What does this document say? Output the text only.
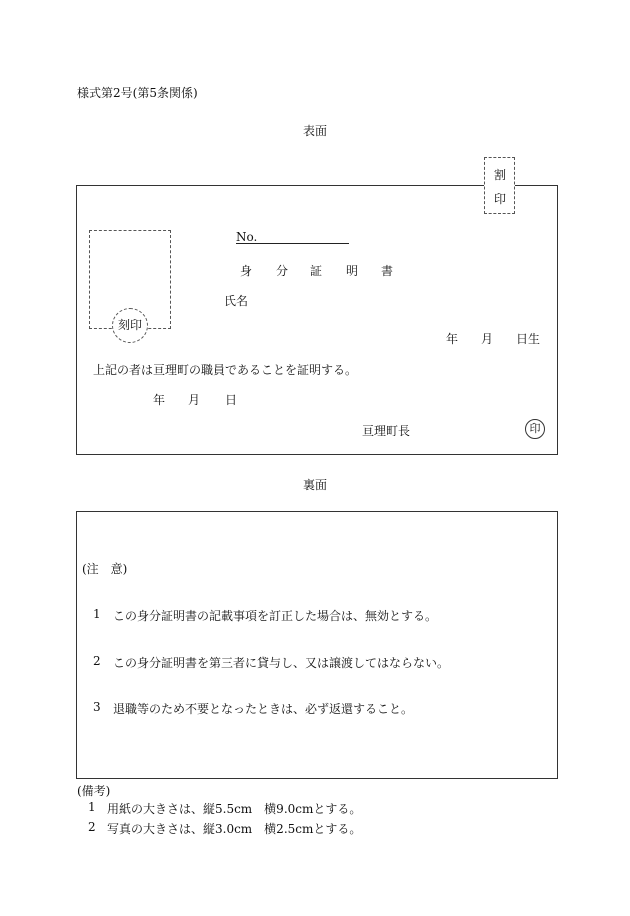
様式第2号(第5条関係)
表面
割
印
刻印
No.
身 分 証 明 書
氏名
年 月 日生
上記の者は亘理町の職員であることを証明する。
年 月 日
亘理町長	印
裏面
(注　意)
1 この身分証明書の記載事項を訂正した場合は、無効とする。
2 この身分証明書を第三者に貸与し、又は譲渡してはならない。
3 退職等のため不要となったときは、必ず返還すること。
(備考)
1 用紙の大きさは、縦5.5cm　横9.0cmとする。
2 写真の大きさは、縦3.0cm　横2.5cmとする。
